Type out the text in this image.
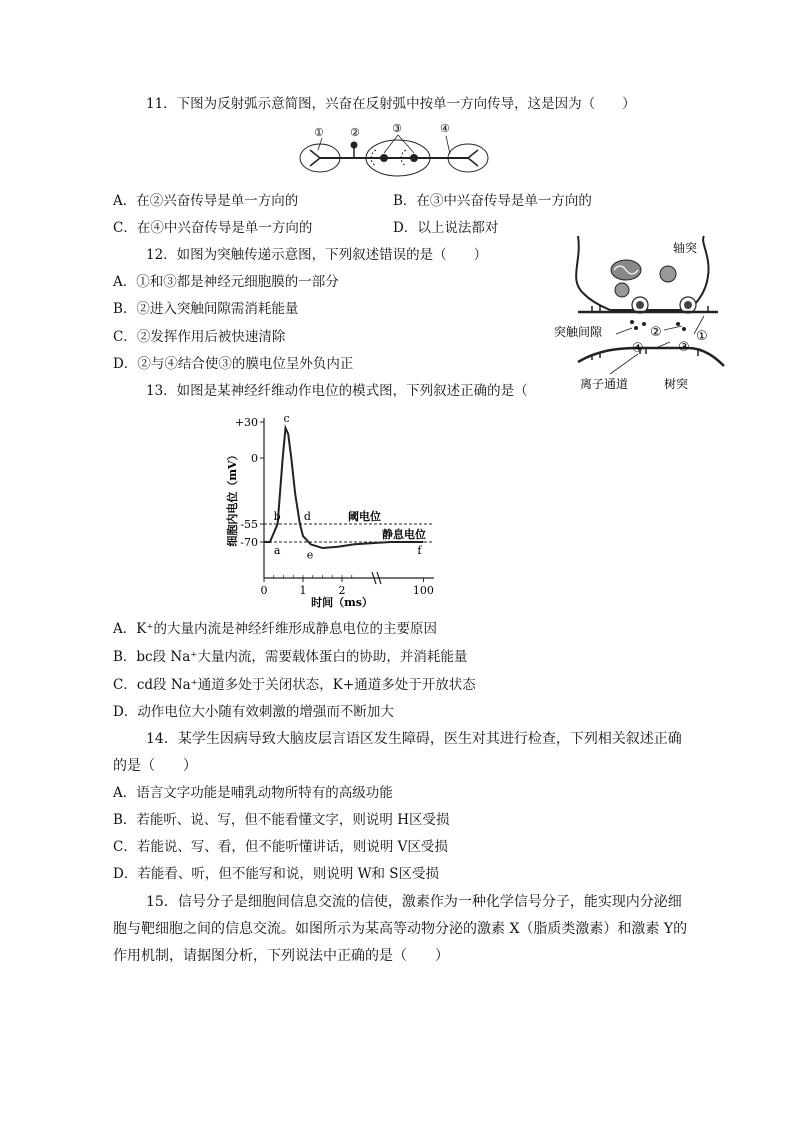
11．下图为反射弧示意简图，兴奋在反射弧中按单一方向传导，这是因为（　　）
① ②	③	④
A．在②兴奋传导是单一方向的	B．在③中兴奋传导是单一方向的
C．在④中兴奋传导是单一方向的	D．以上说法都对
12．如图为突触传递示意图，下列叙述错误的是（　　）
A．①和③都是神经元细胞膜的一部分
B．②进入突触间隙需消耗能量
C．②发挥作用后被快速清除
D．②与④结合使③的膜电位呈外负内正
轴突
突触间隙	②	①
④	③
离子通道	树突
13．如图是某神经纤维动作电位的模式图，下列叙述正确的是（
+30
0
-55
-70
0	1	2	100
时间（ms）
细胞内电位（mV）	阈电位
静息电位
a
b
c
d
e	f
A．K⁺的大量内流是神经纤维形成静息电位的主要原因
B．bc段 Na⁺大量内流，需要载体蛋白的协助，并消耗能量
C．cd段 Na⁺通道多处于关闭状态，K+通道多处于开放状态
D．动作电位大小随有效刺激的增强而不断加大
14．某学生因病导致大脑皮层言语区发生障碍，医生对其进行检查，下列相关叙述正确
的是（　　）
A．语言文字功能是哺乳动物所特有的高级功能
B．若能听、说、写，但不能看懂文字，则说明 H区受损
C．若能说、写、看，但不能听懂讲话，则说明 V区受损
D．若能看、听，但不能写和说，则说明 W和 S区受损
15．信号分子是细胞间信息交流的信使，激素作为一种化学信号分子，能实现内分泌细
胞与靶细胞之间的信息交流。如图所示为某高等动物分泌的激素 X（脂质类激素）和激素 Y的
作用机制，请据图分析，下列说法中正确的是（　　）
